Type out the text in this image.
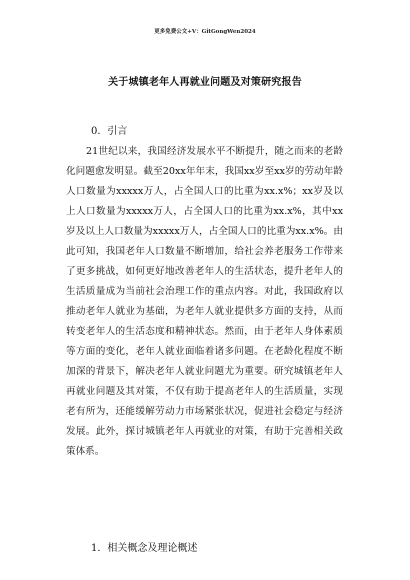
更多免费公文+V：GitGongWen2024
关于城镇老年人再就业问题及对策研究报告
0．引言

21世纪以来，我国经济发展水平不断提升，随之而来的老龄化问题愈发明显。截至20xx年年末，我国xx岁至xx岁的劳动年龄人口数量为xxxxx万人，占全国人口的比重为xx.x%；xx岁及以上人口数量为xxxxx万人，占全国人口的比重为xx.x%，其中xx岁及以上人口数量为xxxxx万人，占全国人口的比重为xx.x%。由此可知，我国老年人口数量不断增加，给社会养老服务工作带来了更多挑战，如何更好地改善老年人的生活状态，提升老年人的生活质量成为当前社会治理工作的重点内容。对此，我国政府以推动老年人就业为基础，为老年人就业提供多方面的支持，从而转变老年人的生活态度和精神状态。然而，由于老年人身体素质等方面的变化，老年人就业面临着诸多问题。在老龄化程度不断加深的背景下，解决老年人就业问题尤为重要。研究城镇老年人再就业问题及其对策，不仅有助于提高老年人的生活质量，实现老有所为，还能缓解劳动力市场紧张状况，促进社会稳定与经济发展。此外，探讨城镇老年人再就业的对策，有助于完善相关政策体系。

1．相关概念及理论概述
